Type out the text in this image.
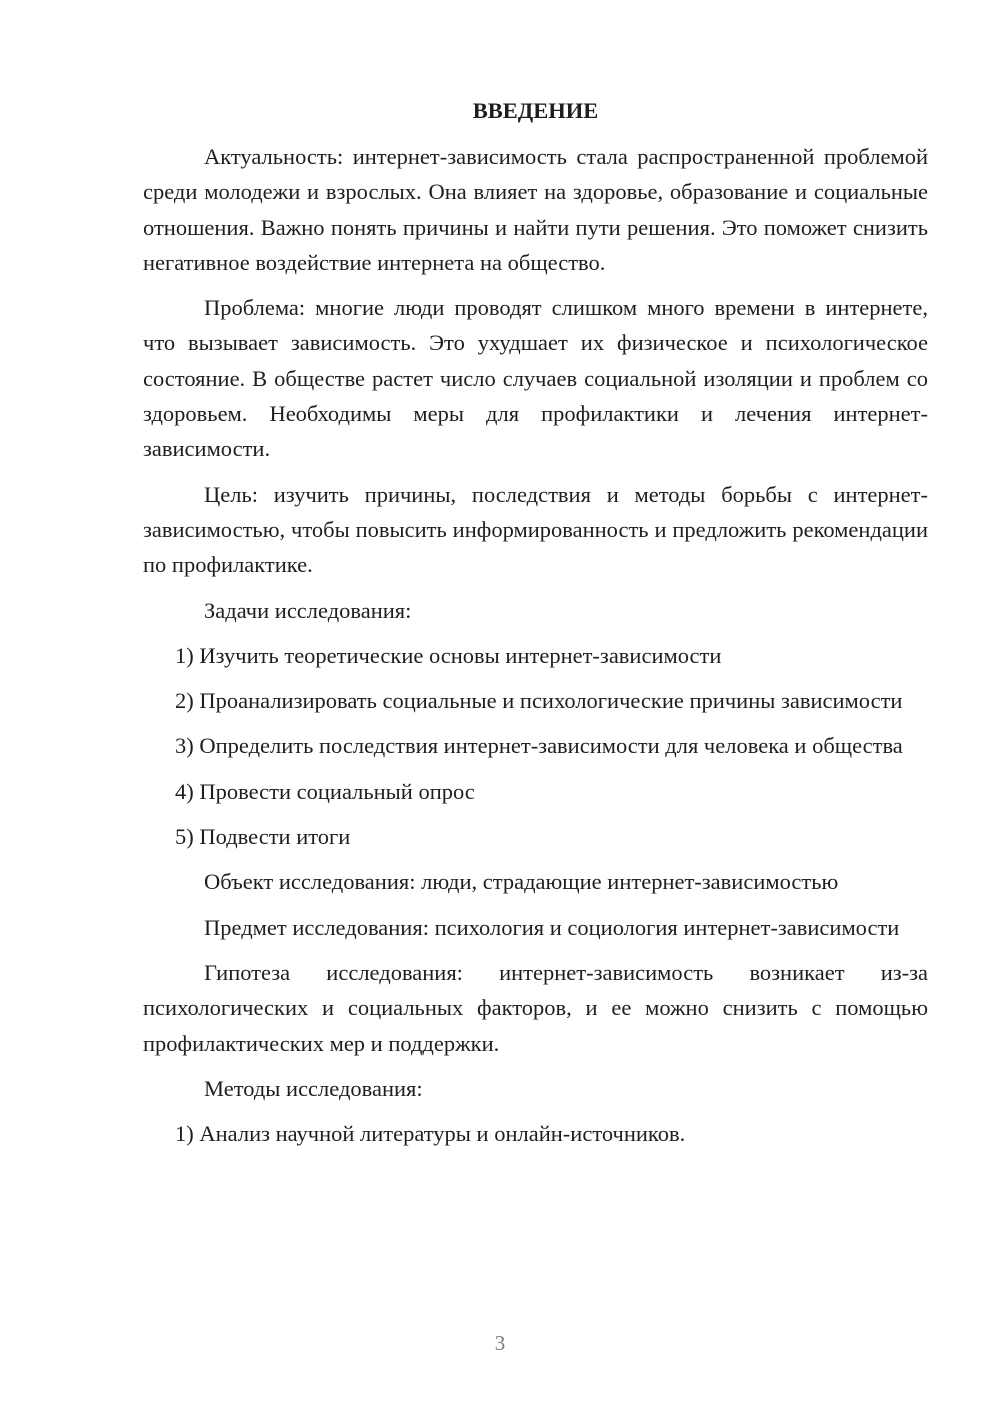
ВВЕДЕНИЕ

Актуальность: интернет-зависимость стала распространенной проблемой среди молодежи и взрослых. Она влияет на здоровье, образование и социальные отношения. Важно понять причины и найти пути решения. Это поможет снизить негативное воздействие интернета на общество.

Проблема: многие люди проводят слишком много времени в интернете, что вызывает зависимость. Это ухудшает их физическое и психологическое состояние. В обществе растет число случаев социальной изоляции и проблем со здоровьем. Необходимы меры для профилактики и лечения интернет-зависимости.

Цель: изучить причины, последствия и методы борьбы с интернет-зависимостью, чтобы повысить информированность и предложить рекомендации по профилактике.

Задачи исследования:

1) Изучить теоретические основы интернет-зависимости

2) Проанализировать социальные и психологические причины зависимости

3) Определить последствия интернет-зависимости для человека и общества

4) Провести социальный опрос

5) Подвести итоги

Объект исследования: люди, страдающие интернет-зависимостью

Предмет исследования: психология и социология интернет-зависимости

Гипотеза исследования: интернет-зависимость возникает из-за психологических и социальных факторов, и ее можно снизить с помощью профилактических мер и поддержки.

Методы исследования:

1) Анализ научной литературы и онлайн-источников.

3
